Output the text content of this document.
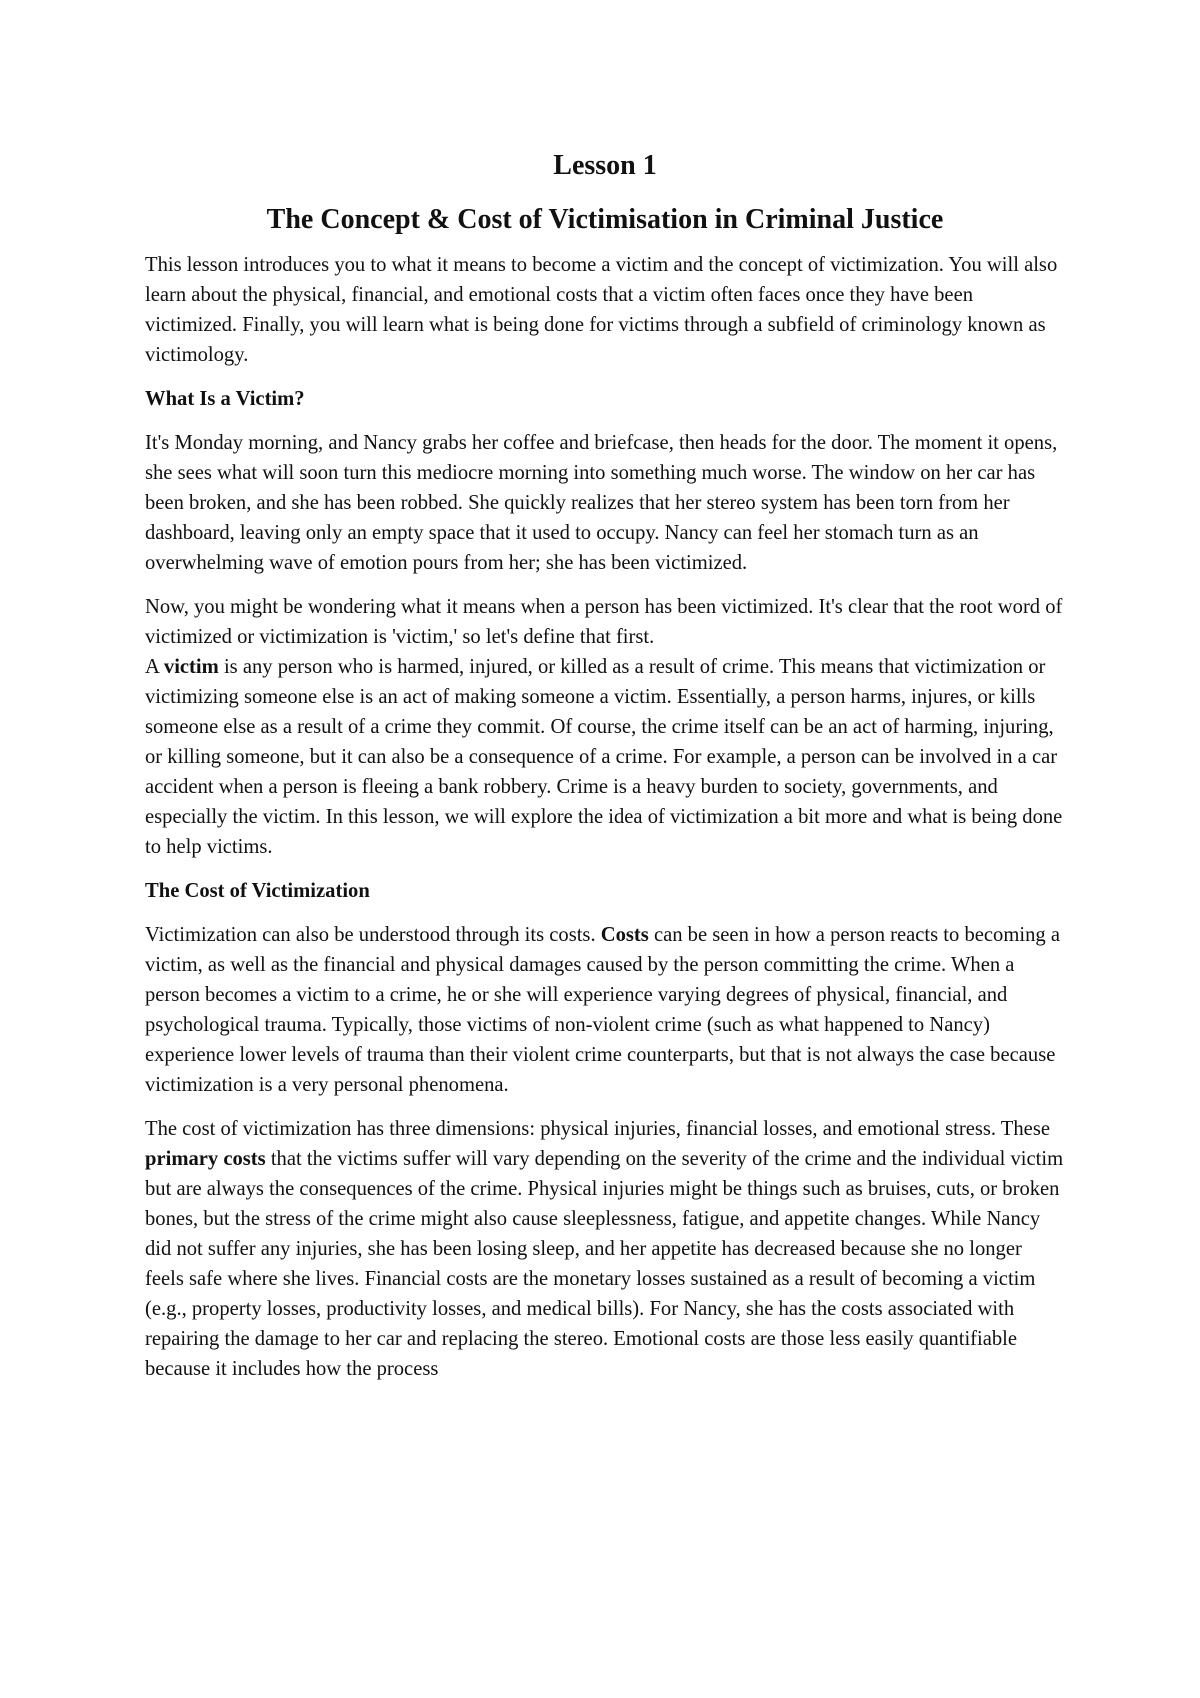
Lesson 1
The Concept & Cost of Victimisation in Criminal Justice

This lesson introduces you to what it means to become a victim and the concept of victimization. You will also learn about the physical, financial, and emotional costs that a victim often faces once they have been victimized. Finally, you will learn what is being done for victims through a subfield of criminology known as victimology.

What Is a Victim?

It's Monday morning, and Nancy grabs her coffee and briefcase, then heads for the door. The moment it opens, she sees what will soon turn this mediocre morning into something much worse. The window on her car has been broken, and she has been robbed. She quickly realizes that her stereo system has been torn from her dashboard, leaving only an empty space that it used to occupy. Nancy can feel her stomach turn as an overwhelming wave of emotion pours from her; she has been victimized.

Now, you might be wondering what it means when a person has been victimized. It's clear that the root word of victimized or victimization is 'victim,' so let's define that first.
A victim is any person who is harmed, injured, or killed as a result of crime. This means that victimization or victimizing someone else is an act of making someone a victim. Essentially, a person harms, injures, or kills someone else as a result of a crime they commit. Of course, the crime itself can be an act of harming, injuring, or killing someone, but it can also be a consequence of a crime. For example, a person can be involved in a car accident when a person is fleeing a bank robbery. Crime is a heavy burden to society, governments, and especially the victim. In this lesson, we will explore the idea of victimization a bit more and what is being done to help victims.

The Cost of Victimization

Victimization can also be understood through its costs. Costs can be seen in how a person reacts to becoming a victim, as well as the financial and physical damages caused by the person committing the crime. When a person becomes a victim to a crime, he or she will experience varying degrees of physical, financial, and psychological trauma. Typically, those victims of non-violent crime (such as what happened to Nancy) experience lower levels of trauma than their violent crime counterparts, but that is not always the case because victimization is a very personal phenomena.

The cost of victimization has three dimensions: physical injuries, financial losses, and emotional stress. These primary costs that the victims suffer will vary depending on the severity of the crime and the individual victim but are always the consequences of the crime. Physical injuries might be things such as bruises, cuts, or broken bones, but the stress of the crime might also cause sleeplessness, fatigue, and appetite changes. While Nancy did not suffer any injuries, she has been losing sleep, and her appetite has decreased because she no longer feels safe where she lives. Financial costs are the monetary losses sustained as a result of becoming a victim (e.g., property losses, productivity losses, and medical bills). For Nancy, she has the costs associated with repairing the damage to her car and replacing the stereo. Emotional costs are those less easily quantifiable because it includes how the process
